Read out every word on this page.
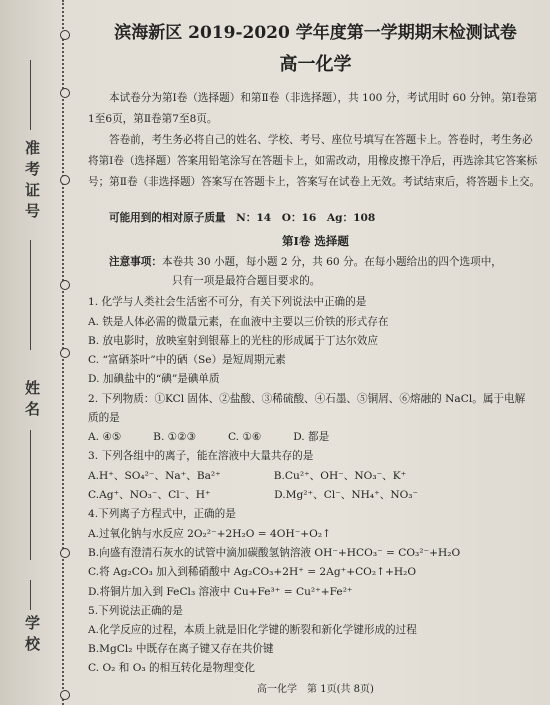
准考证号
姓名
学校
滨海新区 2019-2020 学年度第一学期期末检测试卷
高一化学
本试卷分为第Ⅰ卷（选择题）和第Ⅱ卷（非选择题），共 100 分，考试用时 60 分钟。第Ⅰ卷第1至6页，第Ⅱ卷第7至8页。
答卷前，考生务必将自己的姓名、学校、考号、座位号填写在答题卡上。答卷时，考生务必将第Ⅰ卷（选择题）答案用铅笔涂写在答题卡上，如需改动，用橡皮擦干净后，再选涂其它答案标号；第Ⅱ卷（非选择题）答案写在答题卡上，答案写在试卷上无效。考试结束后，将答题卡上交。
可能用到的相对原子质量　N：14　O：16　Ag：108
第Ⅰ卷 选择题
注意事项：本卷共 30 小题，每小题 2 分，共 60 分。在每小题给出的四个选项中，
只有一项是最符合题目要求的。
1. 化学与人类社会生活密不可分，有关下列说法中正确的是
A. 铁是人体必需的微量元素，在血液中主要以三价铁的形式存在
B. 放电影时，放映室射到银幕上的光柱的形成属于丁达尔效应
C. “富硒茶叶”中的硒（Se）是短周期元素
D. 加碘盐中的“碘”是碘单质
2. 下列物质：①KCl 固体、②盐酸、③稀硫酸、④石墨、⑤铜屑、⑥熔融的 NaCl。属于电解
质的是
A. ④⑤　　　B. ①②③　　　C. ①⑥　　　D. 都是
3. 下列各组中的离子，能在溶液中大量共存的是
A.H⁺、SO₄²⁻、Na⁺、Ba²⁺　　　　　B.Cu²⁺、OH⁻、NO₃⁻、K⁺
C.Ag⁺、NO₃⁻、Cl⁻、H⁺　　　　　　D.Mg²⁺、Cl⁻、NH₄⁺、NO₃⁻
4.下列离子方程式中，正确的是
A.过氧化钠与水反应 2O₂²⁻+2H₂O = 4OH⁻+O₂↑
B.向盛有澄清石灰水的试管中滴加碳酸氢钠溶液 OH⁻+HCO₃⁻ = CO₃²⁻+H₂O
C.将 Ag₂CO₃ 加入到稀硝酸中 Ag₂CO₃+2H⁺ = 2Ag⁺+CO₂↑+H₂O
D.将铜片加入到 FeCl₃ 溶液中 Cu+Fe³⁺ = Cu²⁺+Fe²⁺
5.下列说法正确的是
A.化学反应的过程，本质上就是旧化学键的断裂和新化学键形成的过程
B.MgCl₂ 中既存在离子键又存在共价键
C. O₂ 和 O₃ 的相互转化是物理变化
高一化学　第 1页(共 8页)
